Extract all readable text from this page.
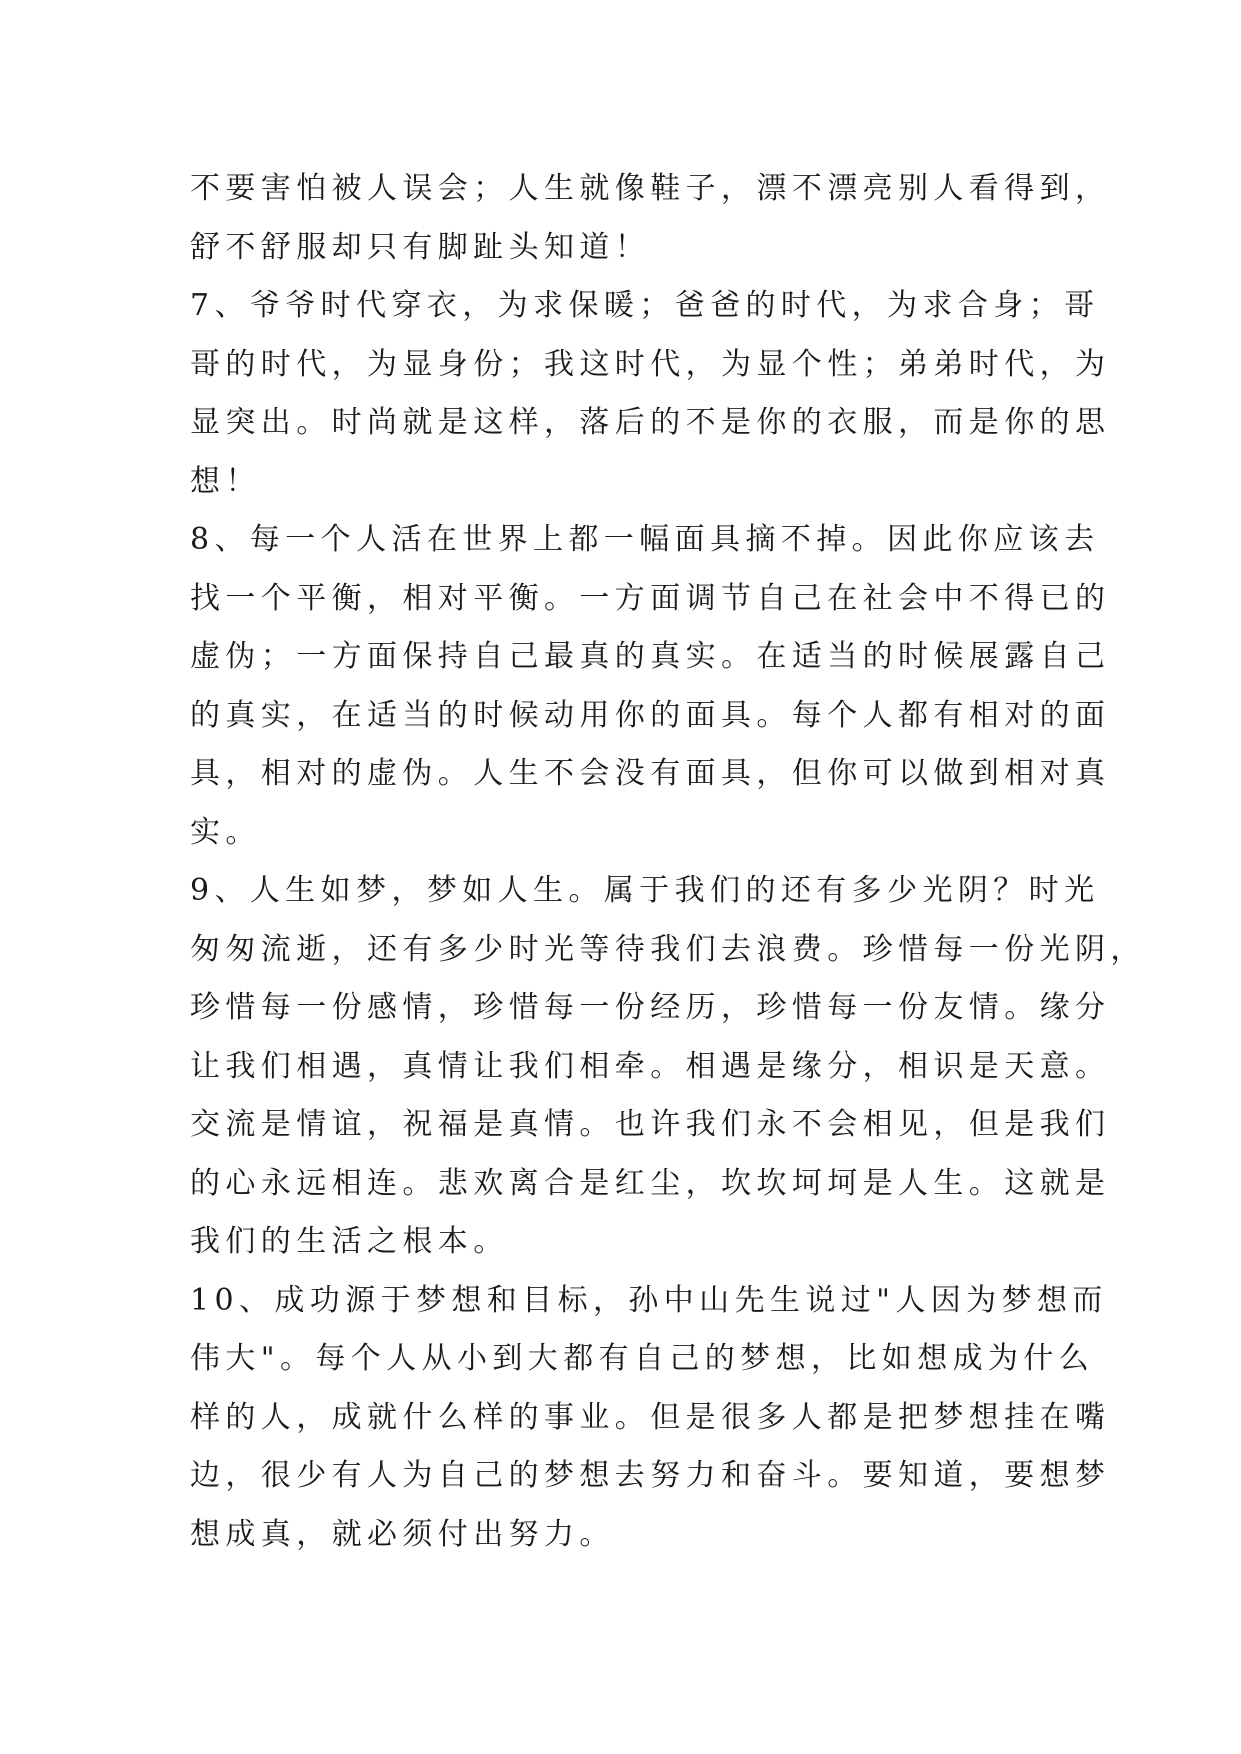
不要害怕被人误会；人生就像鞋子，漂不漂亮别人看得到，
舒不舒服却只有脚趾头知道！
7、爷爷时代穿衣，为求保暖；爸爸的时代，为求合身；哥
哥的时代，为显身份；我这时代，为显个性；弟弟时代，为
显突出。时尚就是这样，落后的不是你的衣服，而是你的思
想！
8、每一个人活在世界上都一幅面具摘不掉。因此你应该去
找一个平衡，相对平衡。一方面调节自己在社会中不得已的
虚伪；一方面保持自己最真的真实。在适当的时候展露自己
的真实，在适当的时候动用你的面具。每个人都有相对的面
具，相对的虚伪。人生不会没有面具，但你可以做到相对真
实。
9、人生如梦，梦如人生。属于我们的还有多少光阴？时光
匆匆流逝，还有多少时光等待我们去浪费。珍惜每一份光阴，
珍惜每一份感情，珍惜每一份经历，珍惜每一份友情。缘分
让我们相遇，真情让我们相牵。相遇是缘分，相识是天意。
交流是情谊，祝福是真情。也许我们永不会相见，但是我们
的心永远相连。悲欢离合是红尘，坎坎坷坷是人生。这就是
我们的生活之根本。
10、成功源于梦想和目标，孙中山先生说过"人因为梦想而
伟大"。每个人从小到大都有自己的梦想，比如想成为什么
样的人，成就什么样的事业。但是很多人都是把梦想挂在嘴
边，很少有人为自己的梦想去努力和奋斗。要知道，要想梦
想成真，就必须付出努力。
